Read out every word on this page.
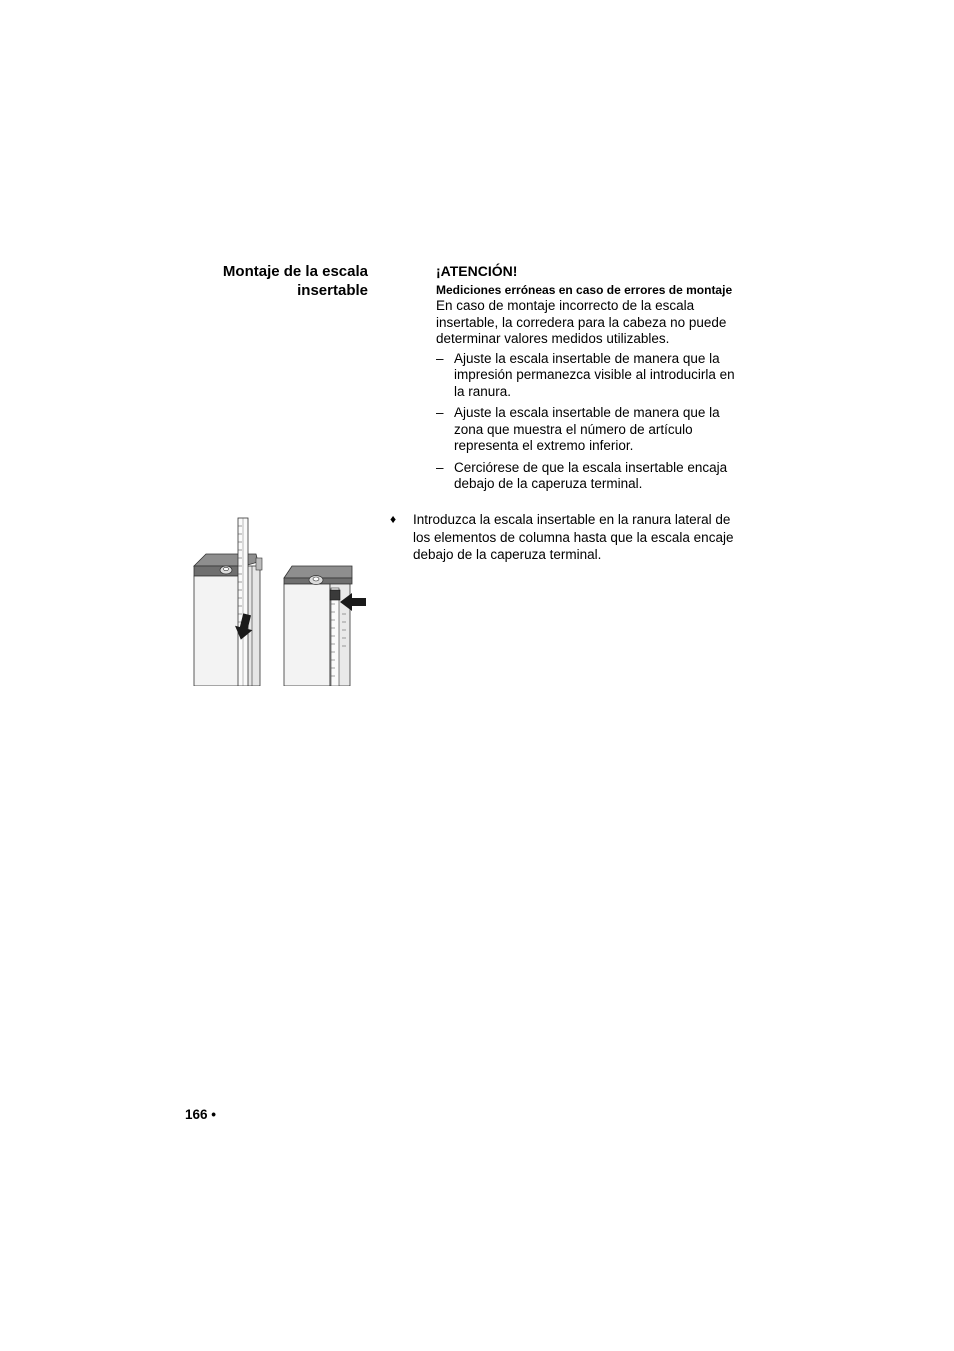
Montaje de la escala
insertable

¡ATENCIÓN!

Mediciones erróneas en caso de errores de montaje

En caso de montaje incorrecto de la escala insertable, la corredera para la cabeza no puede determinar valores medidos utilizables.

– Ajuste la escala insertable de manera que la impresión permanezca visible al introducirla en la ranura.
– Ajuste la escala insertable de manera que la zona que muestra el número de artículo representa el extremo inferior.
– Cerciórese de que la escala insertable encaja debajo de la caperuza terminal.
♦ Introduzca la escala insertable en la ranura lateral de los elementos de columna hasta que la escala encaje debajo de la caperuza terminal.
166 •
